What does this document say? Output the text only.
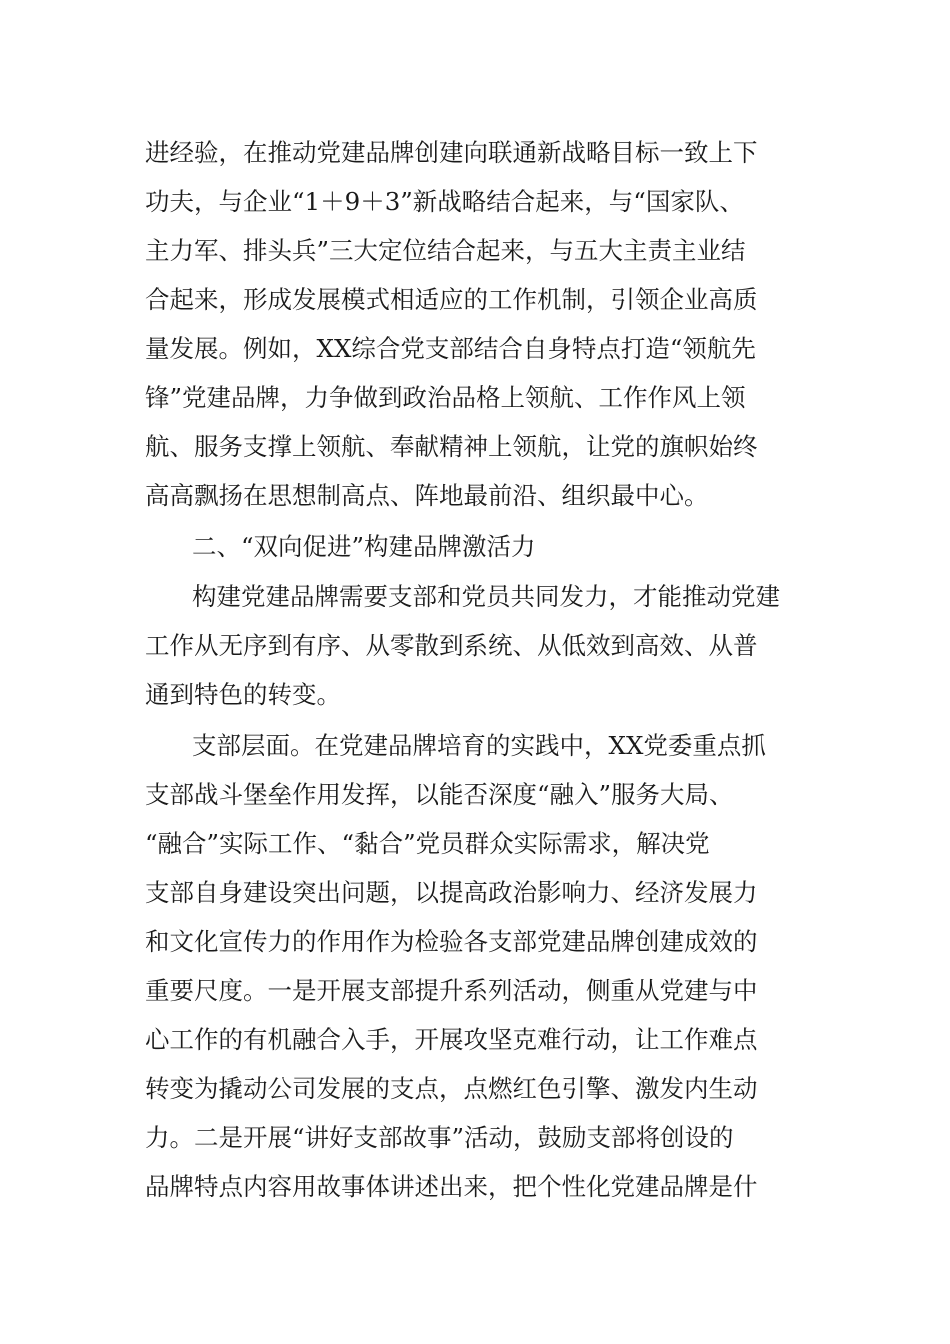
进经验，在推动党建品牌创建向联通新战略目标一致上下
功夫，与企业“1＋9＋3”新战略结合起来，与“国家队、
主力军、排头兵”三大定位结合起来，与五大主责主业结
合起来，形成发展模式相适应的工作机制，引领企业高质
量发展。例如，XX综合党支部结合自身特点打造“领航先
锋”党建品牌，力争做到政治品格上领航、工作作风上领
航、服务支撑上领航、奉献精神上领航，让党的旗帜始终
高高飘扬在思想制高点、阵地最前沿、组织最中心。
二、“双向促进”构建品牌激活力
构建党建品牌需要支部和党员共同发力，才能推动党建
工作从无序到有序、从零散到系统、从低效到高效、从普
通到特色的转变。
支部层面。在党建品牌培育的实践中，XX党委重点抓
支部战斗堡垒作用发挥，以能否深度“融入”服务大局、
“融合”实际工作、“黏合”党员群众实际需求，解决党
支部自身建设突出问题，以提高政治影响力、经济发展力
和文化宣传力的作用作为检验各支部党建品牌创建成效的
重要尺度。一是开展支部提升系列活动，侧重从党建与中
心工作的有机融合入手，开展攻坚克难行动，让工作难点
转变为撬动公司发展的支点，点燃红色引擎、激发内生动
力。二是开展“讲好支部故事”活动，鼓励支部将创设的
品牌特点内容用故事体讲述出来，把个性化党建品牌是什
